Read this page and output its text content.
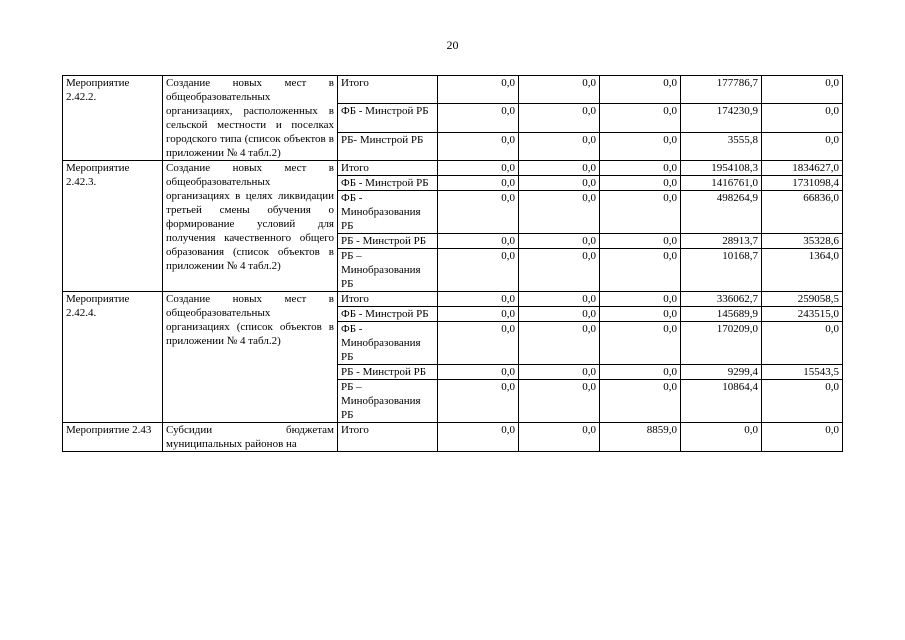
20
Мероприятие 2.42.2.	Создание новых мест в общеобразовательных организациях, расположенных в сельской местности и поселках городского типа (список объектов в приложении № 4 табл.2)	Итого	0,0	0,0	0,0	177786,7	0,0
		ФБ - Минстрой РБ	0,0	0,0	0,0	174230,9	0,0
		РБ- Минстрой РБ	0,0	0,0	0,0	3555,8	0,0
Мероприятие 2.42.3.	Создание новых мест в общеобразовательных организациях в целях ликвидации третьей смены обучения о формирование условий для получения качественного общего образования (список объектов в приложении № 4 табл.2)	Итого	0,0	0,0	0,0	1954108,3	1834627,0
		ФБ - Минстрой РБ	0,0	0,0	0,0	1416761,0	1731098,4
		ФБ - Минобразования РБ	0,0	0,0	0,0	498264,9	66836,0
		РБ - Минстрой РБ	0,0	0,0	0,0	28913,7	35328,6
		РБ – Минобразования РБ	0,0	0,0	0,0	10168,7	1364,0
Мероприятие 2.42.4.	Создание новых мест в общеобразовательных организациях (список объектов в приложении № 4 табл.2)	Итого	0,0	0,0	0,0	336062,7	259058,5
		ФБ - Минстрой РБ	0,0	0,0	0,0	145689,9	243515,0
		ФБ - Минобразования РБ	0,0	0,0	0,0	170209,0	0,0
		РБ - Минстрой РБ	0,0	0,0	0,0	9299,4	15543,5
		РБ – Минобразования РБ	0,0	0,0	0,0	10864,4	0,0
Мероприятие 2.43	Субсидии бюджетам муниципальных районов на	Итого	0,0	0,0	8859,0	0,0	0,0
